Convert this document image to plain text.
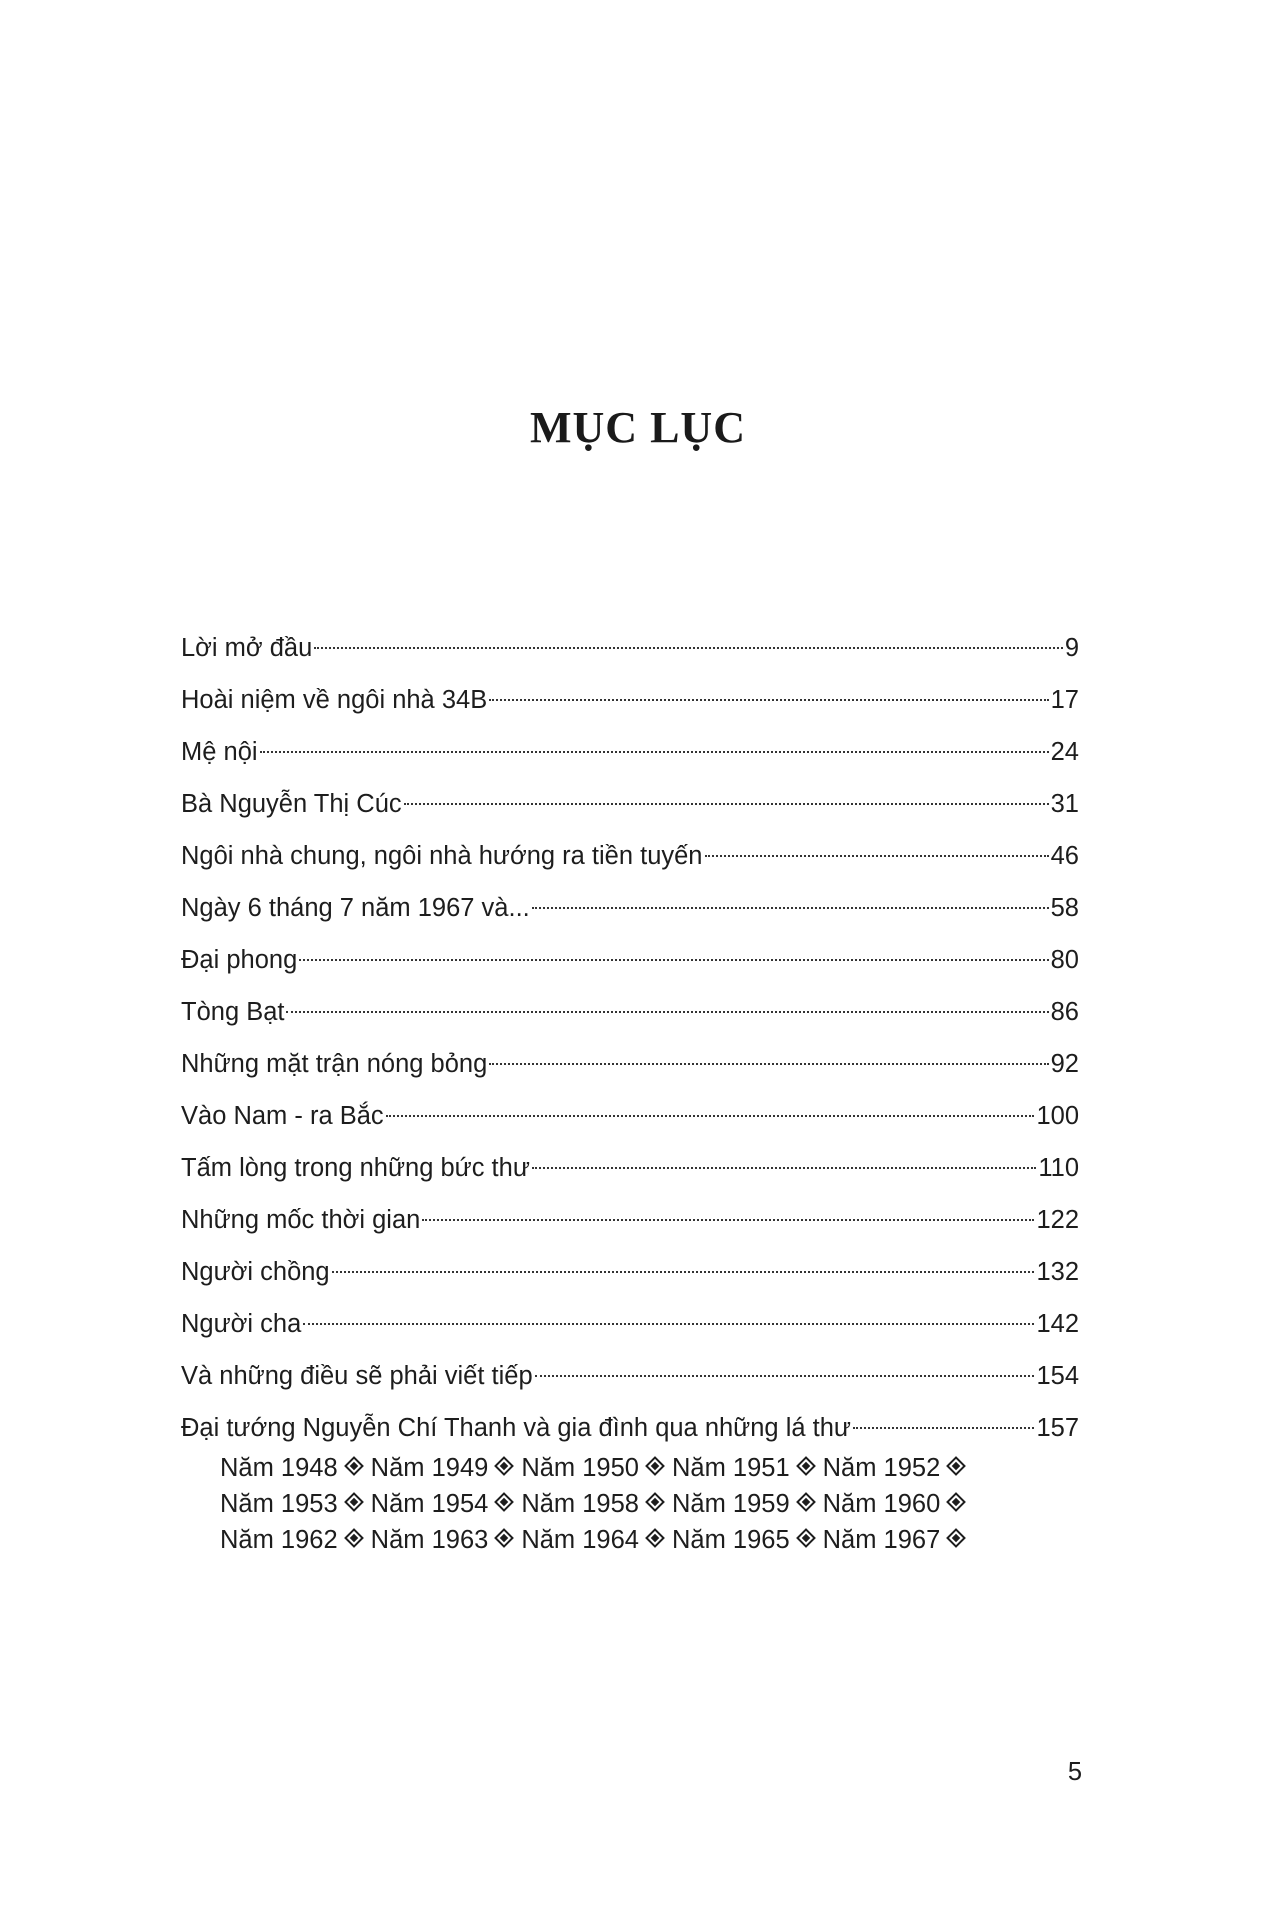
MỤC LỤC
Lời mở đầu	9
Hoài niệm về ngôi nhà 34B	17
Mệ nội	24
Bà Nguyễn Thị Cúc	31
Ngôi nhà chung, ngôi nhà hướng ra tiền tuyến	46
Ngày 6 tháng 7 năm 1967 và...	58
Đại phong	80
Tòng Bạt	86
Những mặt trận nóng bỏng	92
Vào Nam - ra Bắc	100
Tấm lòng trong những bức thư	110
Những mốc thời gian	122
Người chồng	132
Người cha	142
Và những điều sẽ phải viết tiếp	154
Đại tướng Nguyễn Chí Thanh và gia đình qua những lá thư	157
Năm 1948 Năm 1949 Năm 1950 Năm 1951 Năm 1952
Năm 1953 Năm 1954 Năm 1958 Năm 1959 Năm 1960
Năm 1962 Năm 1963 Năm 1964 Năm 1965 Năm 1967
5
